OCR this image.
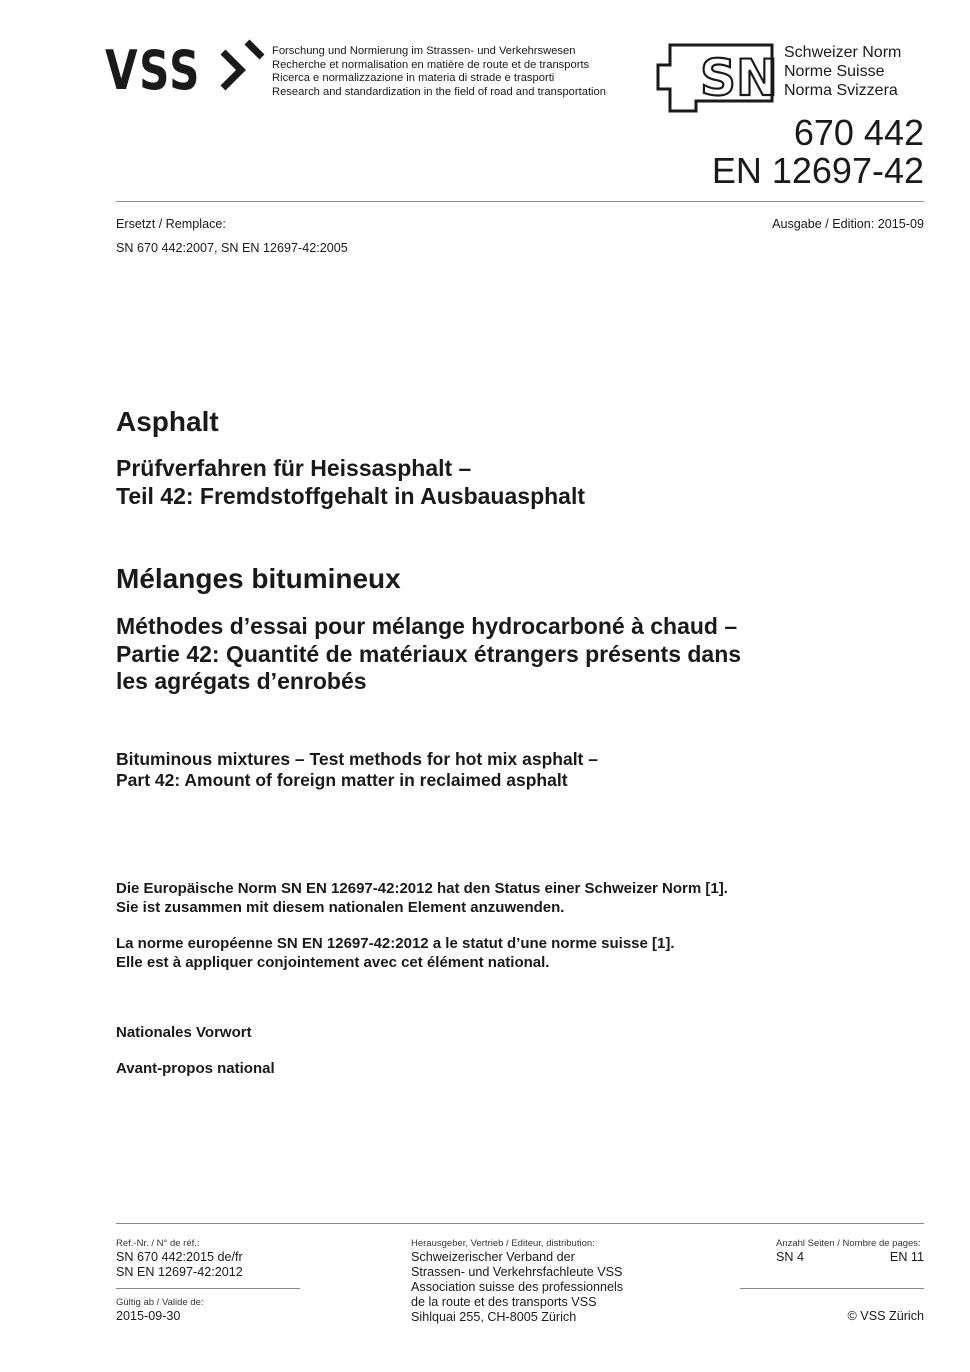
VSS	Forschung und Normierung im Strassen- und Verkehrswesen
Recherche et normalisation en matière de route et de transports
Ricerca e normalizzazione in materia di strade e trasporti
Research and standardization in the field of road and transportation SN Schweizer Norm
Norme Suisse
Norma Svizzera
670 442
EN 12697-42
Ersetzt / Remplace:
SN 670 442:2007, SN EN 12697-42:2005
Ausgabe / Edition: 2015-09
Asphalt
Prüfverfahren für Heissasphalt –
Teil 42: Fremdstoffgehalt in Ausbauasphalt
Mélanges bitumineux
Méthodes d’essai pour mélange hydrocarboné à chaud –
Partie 42: Quantité de matériaux étrangers présents dans
les agrégats d’enrobés
Bituminous mixtures – Test methods for hot mix asphalt –
Part 42: Amount of foreign matter in reclaimed asphalt
Die Europäische Norm SN EN 12697-42:2012 hat den Status einer Schweizer Norm [1].
Sie ist zusammen mit diesem nationalen Element anzuwenden.
La norme européenne SN EN 12697-42:2012 a le statut d’une norme suisse [1].
Elle est à appliquer conjointement avec cet élément national.
Nationales Vorwort
Avant-propos national
Ref.-Nr. / N° de réf.:
SN 670 442:2015 de/fr
SN EN 12697-42:2012
Gültig ab / Valide de:
2015-09-30
Herausgeber, Vertrieb / Editeur, distribution:
Schweizerischer Verband der
Strassen- und Verkehrsfachleute VSS
Association suisse des professionnels
de la route et des transports VSS
Sihlquai 255, CH-8005 Zürich
Anzahl Seiten / Nombre de pages:
SN 4	EN 11
© VSS Zürich
